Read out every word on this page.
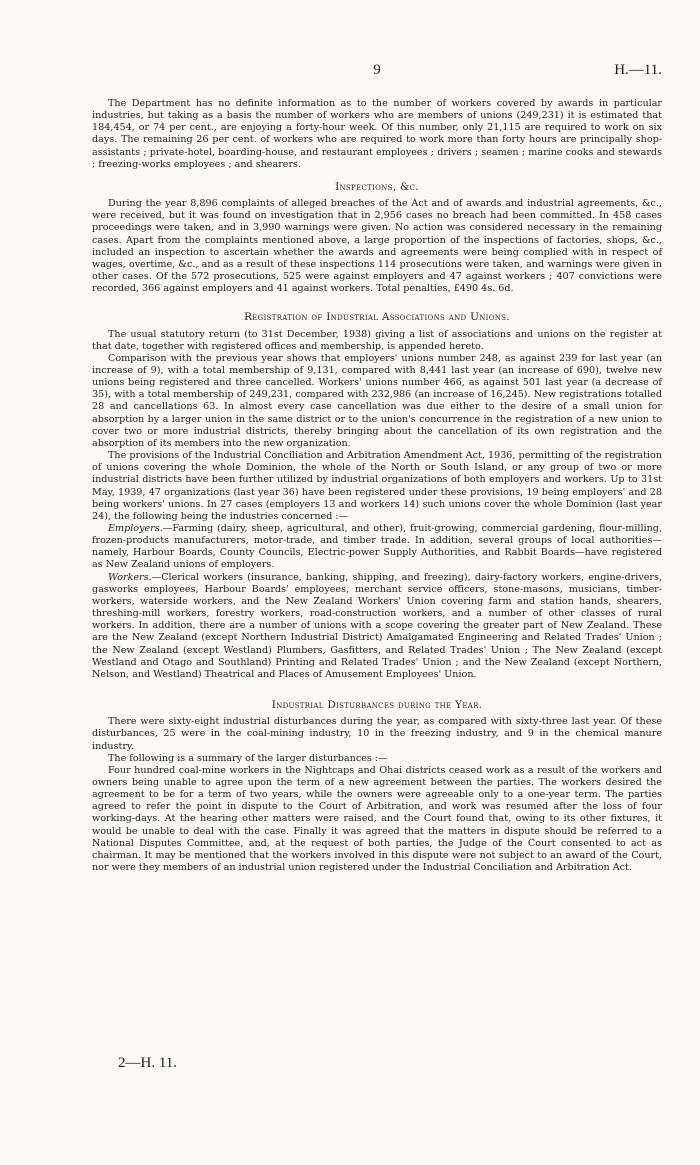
9	H.—11.

The Department has no definite information as to the number of workers covered by awards in particular industries, but taking as a basis the number of workers who are members of unions (249,231) it is estimated that 184,454, or 74 per cent., are enjoying a forty-hour week. Of this number, only 21,115 are required to work on six days. The remaining 26 per cent. of workers who are required to work more than forty hours are principally shop-assistants ; private-hotel, boarding-house, and restaurant employees ; drivers ; seamen ; marine cooks and stewards ; freezing-works employees ; and shearers.

Inspections, &c.

During the year 8,896 complaints of alleged breaches of the Act and of awards and industrial agreements, &c., were received, but it was found on investigation that in 2,956 cases no breach had been committed. In 458 cases proceedings were taken, and in 3,990 warnings were given. No action was considered necessary in the remaining cases. Apart from the complaints mentioned above, a large proportion of the inspections of factories, shops, &c., included an inspection to ascertain whether the awards and agreements were being complied with in respect of wages, overtime, &c., and as a result of these inspections 114 prosecutions were taken, and warnings were given in other cases. Of the 572 prosecutions, 525 were against employers and 47 against workers ; 407 convictions were recorded, 366 against employers and 41 against workers. Total penalties, £490 4s. 6d.

Registration of Industrial Associations and Unions.

The usual statutory return (to 31st December, 1938) giving a list of associations and unions on the register at that date, together with registered offices and membership, is appended hereto.

Comparison with the previous year shows that employers' unions number 248, as against 239 for last year (an increase of 9), with a total membership of 9,131, compared with 8,441 last year (an increase of 690), twelve new unions being registered and three cancelled. Workers' unions number 466, as against 501 last year (a decrease of 35), with a total membership of 249,231, compared with 232,986 (an increase of 16,245). New registrations totalled 28 and cancellations 63. In almost every case cancellation was due either to the desire of a small union for absorption by a larger union in the same district or to the union's concurrence in the registration of a new union to cover two or more industrial districts, thereby bringing about the cancellation of its own registration and the absorption of its members into the new organization.

The provisions of the Industrial Conciliation and Arbitration Amendment Act, 1936, permitting of the registration of unions covering the whole Dominion, the whole of the North or South Island, or any group of two or more industrial districts have been further utilized by industrial organizations of both employers and workers. Up to 31st May, 1939, 47 organizations (last year 36) have been registered under these provisions, 19 being employers' and 28 being workers' unions. In 27 cases (employers 13 and workers 14) such unions cover the whole Dominion (last year 24), the following being the industries concerned :—

Employers.—Farming (dairy, sheep, agricultural, and other), fruit-growing, commercial gardening, flour-milling, frozen-products manufacturers, motor-trade, and timber trade. In addition, several groups of local authorities—namely, Harbour Boards, County Councils, Electric-power Supply Authorities, and Rabbit Boards—have registered as New Zealand unions of employers.

Workers.—Clerical workers (insurance, banking, shipping, and freezing), dairy-factory workers, engine-drivers, gasworks employees, Harbour Boards' employees, merchant service officers, stone-masons, musicians, timber-workers, waterside workers, and the New Zealand Workers' Union covering farm and station hands, shearers, threshing-mill workers, forestry workers, road-construction workers, and a number of other classes of rural workers. In addition, there are a number of unions with a scope covering the greater part of New Zealand. These are the New Zealand (except Northern Industrial District) Amalgamated Engineering and Related Trades' Union ; the New Zealand (except Westland) Plumbers, Gasfitters, and Related Trades' Union ; The New Zealand (except Westland and Otago and Southland) Printing and Related Trades' Union ; and the New Zealand (except Northern, Nelson, and Westland) Theatrical and Places of Amusement Employees' Union.

Industrial Disturbances during the Year.

There were sixty-eight industrial disturbances during the year, as compared with sixty-three last year. Of these disturbances, 25 were in the coal-mining industry, 10 in the freezing industry, and 9 in the chemical manure industry.

The following is a summary of the larger disturbances :—

Four hundred coal-mine workers in the Nightcaps and Ohai districts ceased work as a result of the workers and owners being unable to agree upon the term of a new agreement between the parties. The workers desired the agreement to be for a term of two years, while the owners were agreeable only to a one-year term. The parties agreed to refer the point in dispute to the Court of Arbitration, and work was resumed after the loss of four working-days. At the hearing other matters were raised, and the Court found that, owing to its other fixtures, it would be unable to deal with the case. Finally it was agreed that the matters in dispute should be referred to a National Disputes Committee, and, at the request of both parties, the Judge of the Court consented to act as chairman. It may be mentioned that the workers involved in this dispute were not subject to an award of the Court, nor were they members of an industrial union registered under the Industrial Conciliation and Arbitration Act.

2—H. 11.
